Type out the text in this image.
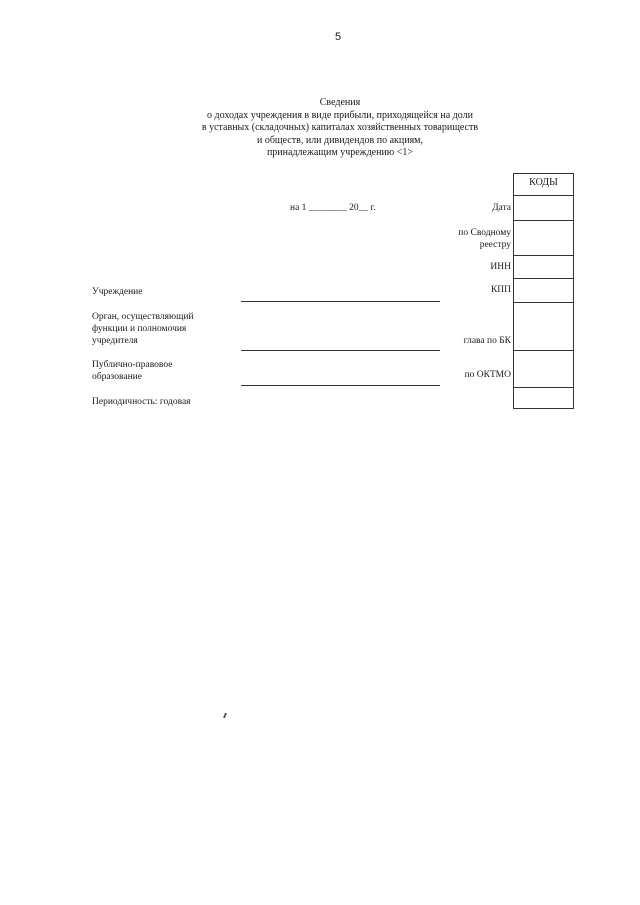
5
Сведения
о доходах учреждения в виде прибыли, приходящейся на доли
в уставных (складочных) капиталах хозяйственных товариществ
и обществ, или дивидендов по акциям,
принадлежащим учреждению <1>
КОДЫ
на 1 ________ 20__ г.	Дата
по Сводному
реестру
ИНН
КПП
глава по БК
по ОКТМО
Учреждение
Орган, осуществляющий
функции и полномочия
учредителя
Публично-правовое
образование
Периодичность: годовая
